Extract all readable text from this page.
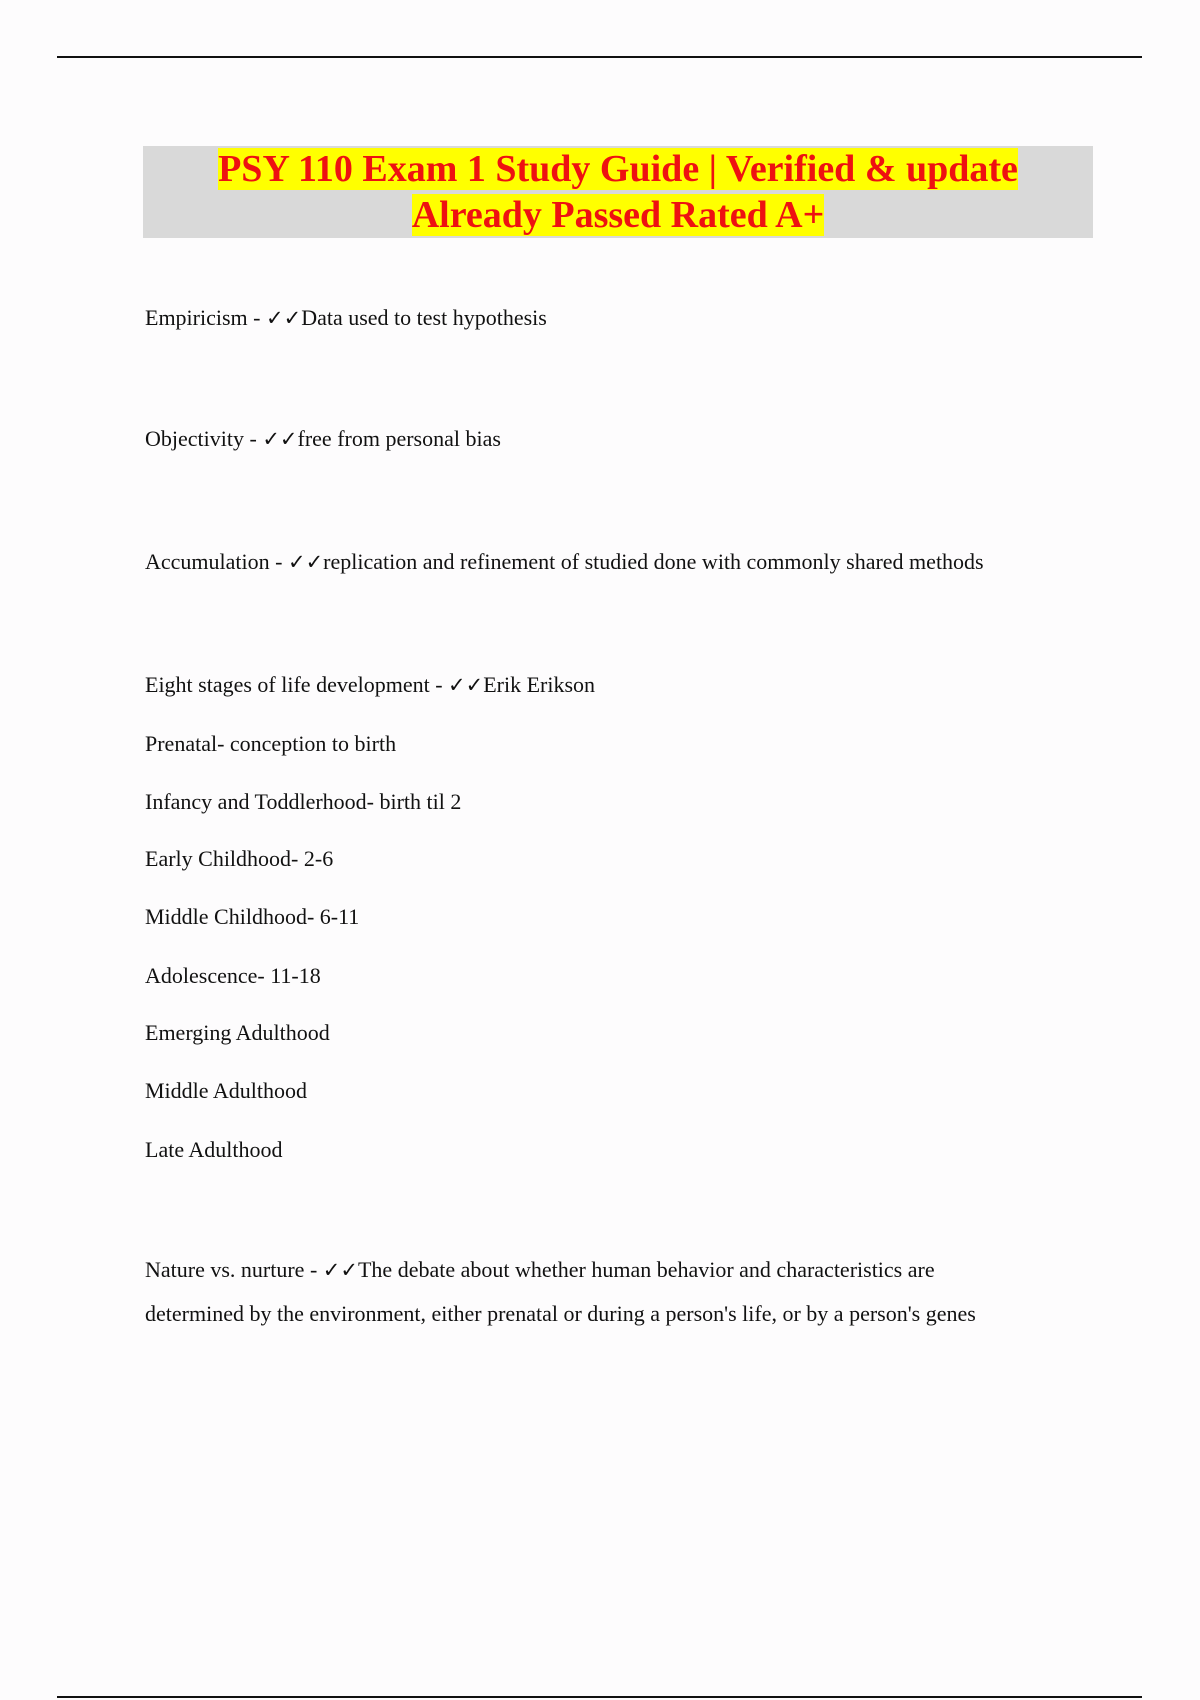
PSY 110 Exam 1 Study Guide | Verified & update
Already Passed Rated A+
Empiricism - ✓✓Data used to test hypothesis
Objectivity - ✓✓free from personal bias
Accumulation - ✓✓replication and refinement of studied done with commonly shared methods
Eight stages of life development - ✓✓Erik Erikson
Prenatal- conception to birth
Infancy and Toddlerhood- birth til 2
Early Childhood- 2-6
Middle Childhood- 6-11
Adolescence- 11-18
Emerging Adulthood
Middle Adulthood
Late Adulthood
Nature vs. nurture - ✓✓The debate about whether human behavior and characteristics are
determined by the environment, either prenatal or during a person's life, or by a person's genes
